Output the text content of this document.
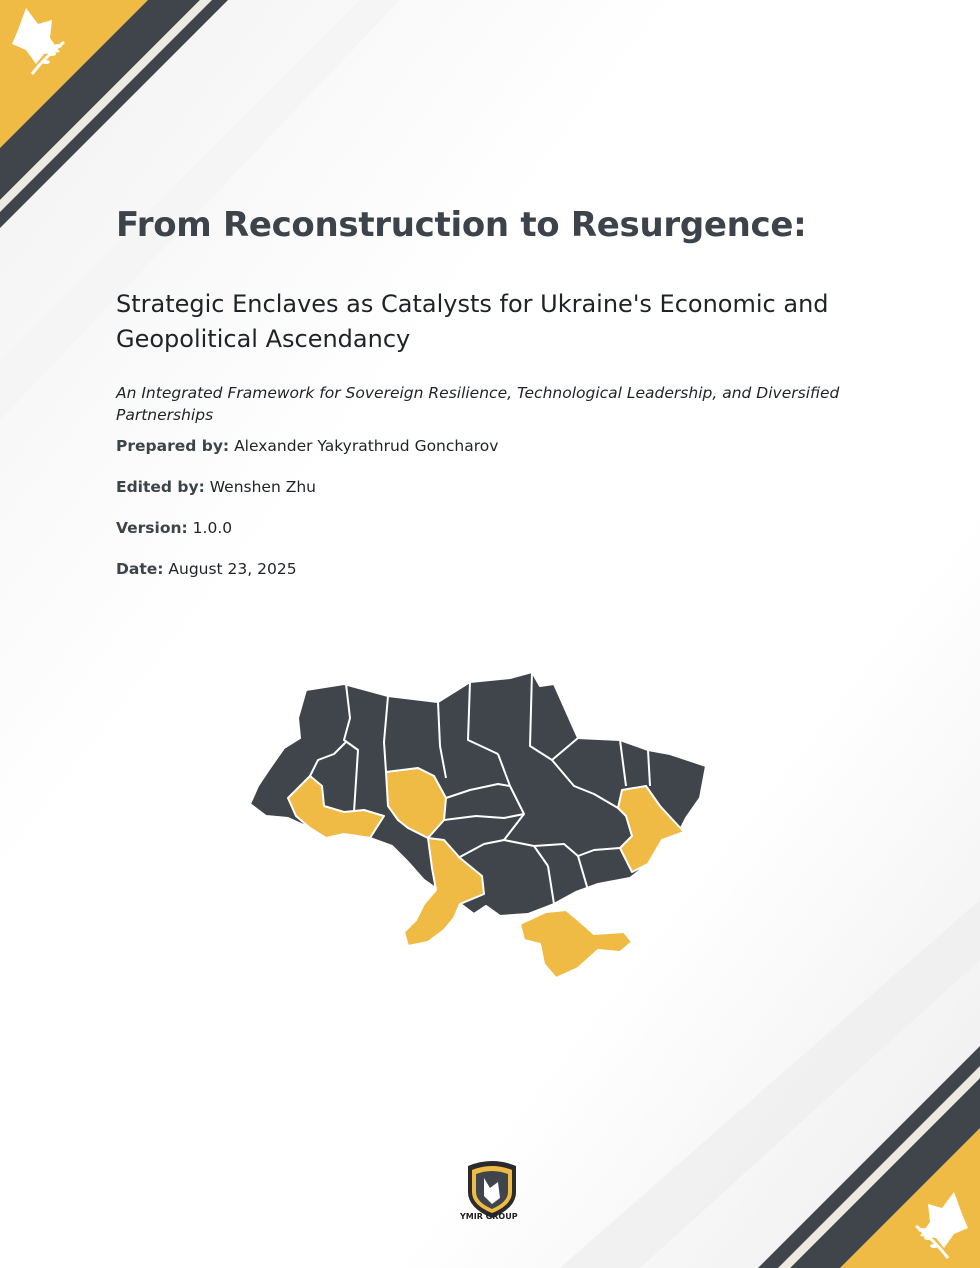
From Reconstruction to Resurgence:

Strategic Enclaves as Catalysts for Ukraine's Economic and Geopolitical Ascendancy

An Integrated Framework for Sovereign Resilience, Technological Leadership, and Diversified Partnerships

Prepared by: Alexander Yakyrathrud Goncharov

Edited by: Wenshen Zhu

Version: 1.0.0

Date: August 23, 2025

YMIR GROUP
